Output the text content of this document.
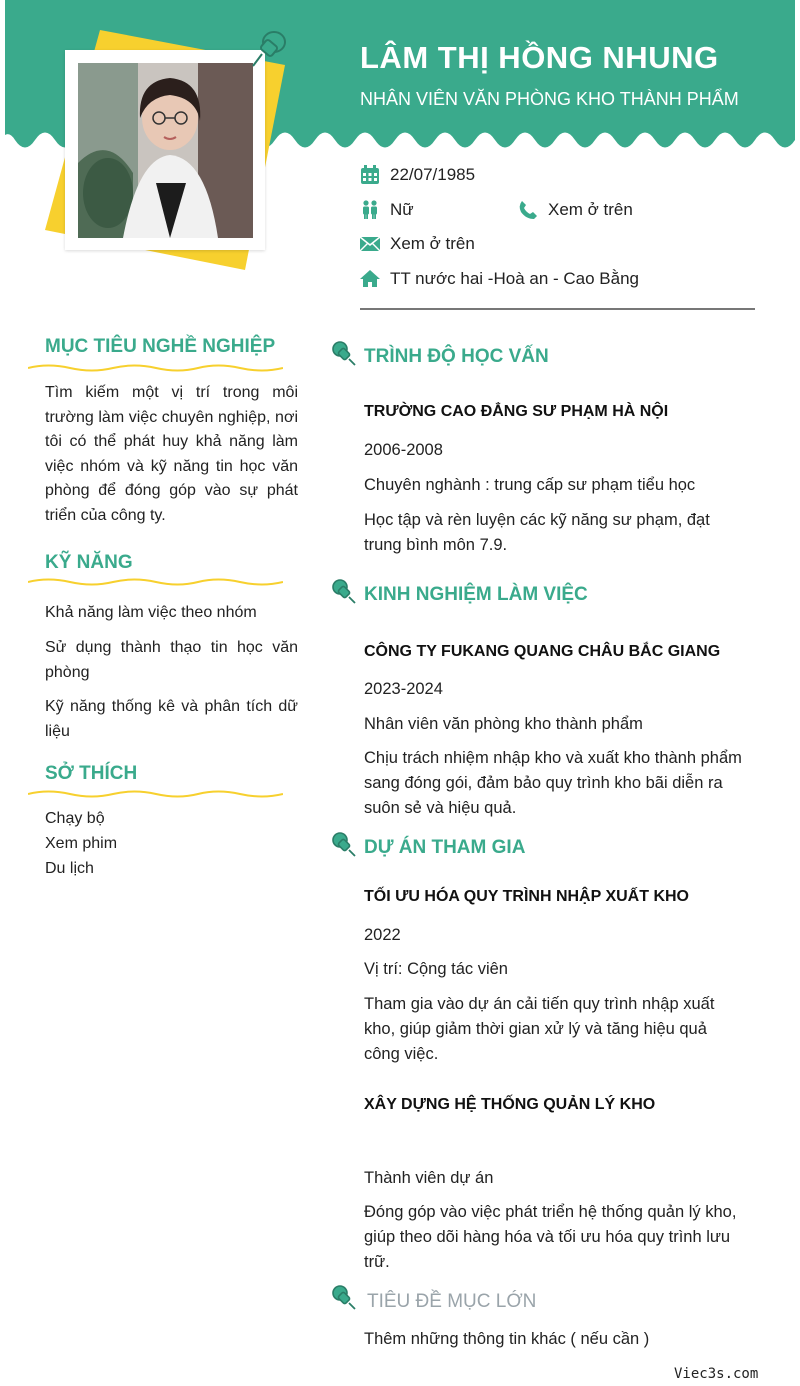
LÂM THỊ HỒNG NHUNG
NHÂN VIÊN VĂN PHÒNG KHO THÀNH PHẨM
22/07/1985
Nữ	Xem ở trên
Xem ở trên
TT nước hai -Hoà an - Cao Bằng
MỤC TIÊU NGHỀ NGHIỆP
Tìm kiếm một vị trí trong môi trường làm việc chuyên nghiệp, nơi tôi có thể phát huy khả năng làm việc nhóm và kỹ năng tin học văn phòng để đóng góp vào sự phát triển của công ty.
KỸ NĂNG
Khả năng làm việc theo nhóm
Sử dụng thành thạo tin học văn phòng
Kỹ năng thống kê và phân tích dữ liệu
SỞ THÍCH
Chạy bộ
Xem phim
Du lịch
TRÌNH ĐỘ HỌC VẤN
TRƯỜNG CAO ĐẲNG SƯ PHẠM HÀ NỘI
2006-2008
Chuyên nghành : trung cấp sư phạm tiểu học
Học tập và rèn luyện các kỹ năng sư phạm, đạt trung bình môn 7.9.
KINH NGHIỆM LÀM VIỆC
CÔNG TY FUKANG QUANG CHÂU BẮC GIANG
2023-2024
Nhân viên văn phòng kho thành phẩm
Chịu trách nhiệm nhập kho và xuất kho thành phẩm sang đóng gói, đảm bảo quy trình kho bãi diễn ra suôn sẻ và hiệu quả.
DỰ ÁN THAM GIA
TỐI ƯU HÓA QUY TRÌNH NHẬP XUẤT KHO
2022
Vị trí: Cộng tác viên
Tham gia vào dự án cải tiến quy trình nhập xuất kho, giúp giảm thời gian xử lý và tăng hiệu quả công việc.
XÂY DỰNG HỆ THỐNG QUẢN LÝ KHO
Thành viên dự án
Đóng góp vào việc phát triển hệ thống quản lý kho, giúp theo dõi hàng hóa và tối ưu hóa quy trình lưu trữ.
TIÊU ĐỀ MỤC LỚN
Thêm những thông tin khác ( nếu cần )
Viec3s.com
